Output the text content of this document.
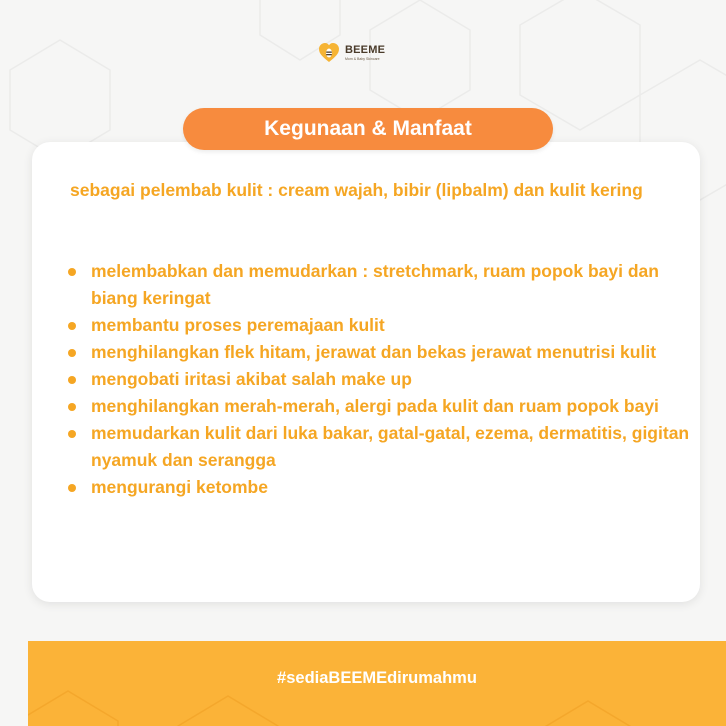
BEEME
Mom & Baby Skincare
Kegunaan & Manfaat
sebagai pelembab kulit : cream wajah, bibir (lipbalm) dan kulit kering
melembabkan dan memudarkan : stretchmark, ruam popok bayi dan biang keringat
membantu proses peremajaan kulit
menghilangkan flek hitam, jerawat dan bekas jerawat menutrisi kulit
mengobati iritasi akibat salah make up
menghilangkan merah-merah, alergi pada kulit dan ruam popok bayi
memudarkan kulit dari luka bakar, gatal-gatal, ezema, dermatitis, gigitan nyamuk dan serangga
mengurangi ketombe
#sediaBEEMEdirumahmu
